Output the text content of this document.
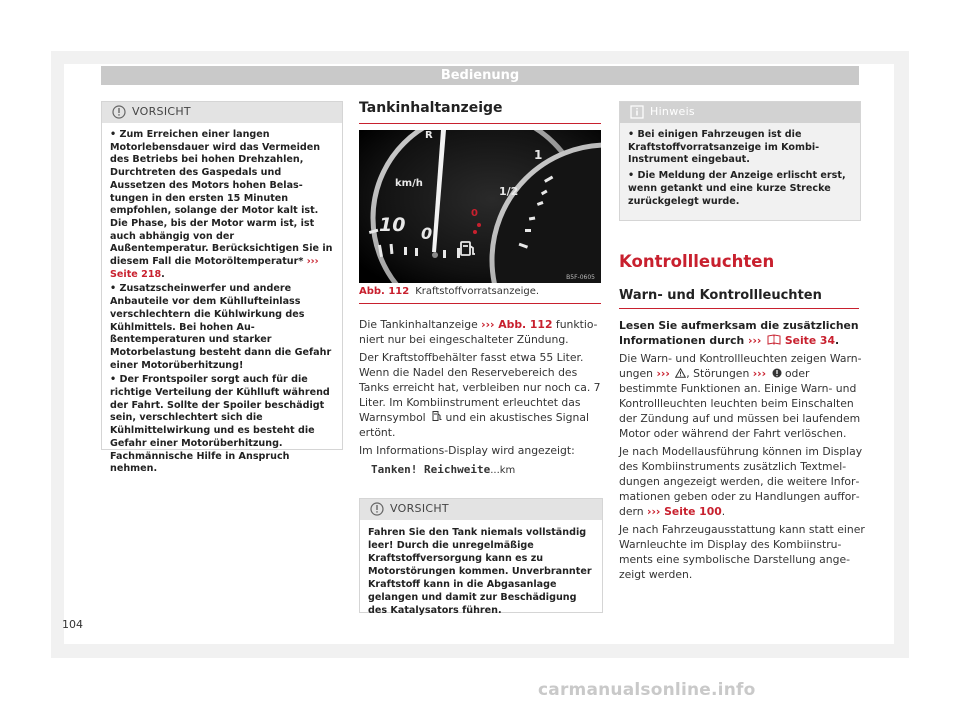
Bedienung
VORSICHT

• Zum Erreichen einer langen Motorlebensdauer wird das Vermeiden des Betriebs bei hohen Drehzahlen, Durchtreten des Gaspedals und Aussetzen des Motors hohen Belastungen in den ersten 15 Minuten empfohlen, solange der Motor kalt ist. Die Phase, bis der Motor warm ist, ist auch abhängig von der Außentemperatur. Berücksichtigen Sie in diesem Fall die Motoröltemperatur* ››› Seite 218.

• Zusatzscheinwerfer und andere Anbauteile vor dem Kühllufteinlass verschlechtern die Kühlwirkung des Kühlmittels. Bei hohen Außentemperaturen und starker Motorbelastung besteht dann die Gefahr einer Motorüberhitzung!

• Der Frontspoiler sorgt auch für die richtige Verteilung der Kühlluft während der Fahrt. Sollte der Spoiler beschädigt sein, verschlechtert sich die Kühlmittelwirkung und es besteht die Gefahr einer Motorüberhitzung. Fachmännische Hilfe in Anspruch nehmen.

Tankinhaltanzeige
km/h
10 0
1
1/2
0
R
B5F-0605
Abb. 112 Kraftstoffvorratsanzeige.

Die Tankinhaltanzeige ››› Abb. 112 funktioniert nur bei eingeschalteter Zündung.

Der Kraftstoffbehälter fasst etwa 55 Liter. Wenn die Nadel den Reservebereich des Tanks erreicht hat, verbleiben nur noch ca. 7 Liter. Im Kombiinstrument erleuchtet das Warnsymbol  und ein akustisches Signal ertönt.

Im Informations-Display wird angezeigt:

Tanken! Reichweite...km
VORSICHT
Fahren Sie den Tank niemals vollständig leer! Durch die unregelmäßige Kraftstoffversorgung kann es zu Motorstörungen kommen. Unverbrannter Kraftstoff kann in die Abgasanlage gelangen und damit zur Beschädigung des Katalysators führen.
Hinweis

• Bei einigen Fahrzeugen ist die Kraftstoffvorratsanzeige im Kombi-Instrument eingebaut.

• Die Meldung der Anzeige erlischt erst, wenn getankt und eine kurze Strecke zurückgelegt wurde.

Kontrollleuchten
Warn- und Kontrollleuchten

Lesen Sie aufmerksam die zusätzlichen Informationen durch ›››  Seite 34.

Die Warn- und Kontrollleuchten zeigen Warnungen ››› , Störungen ›››  oder bestimmte Funktionen an. Einige Warn- und Kontrollleuchten leuchten beim Einschalten der Zündung auf und müssen bei laufendem Motor oder während der Fahrt verlöschen.

Je nach Modellausführung können im Display des Kombiinstruments zusätzlich Textmeldungen angezeigt werden, die weitere Informationen geben oder zu Handlungen auffordern ››› Seite 100.

Je nach Fahrzeugausstattung kann statt einer Warnleuchte im Display des Kombiinstruments eine symbolische Darstellung angezeigt werden.

104
carmanualsonline.info
